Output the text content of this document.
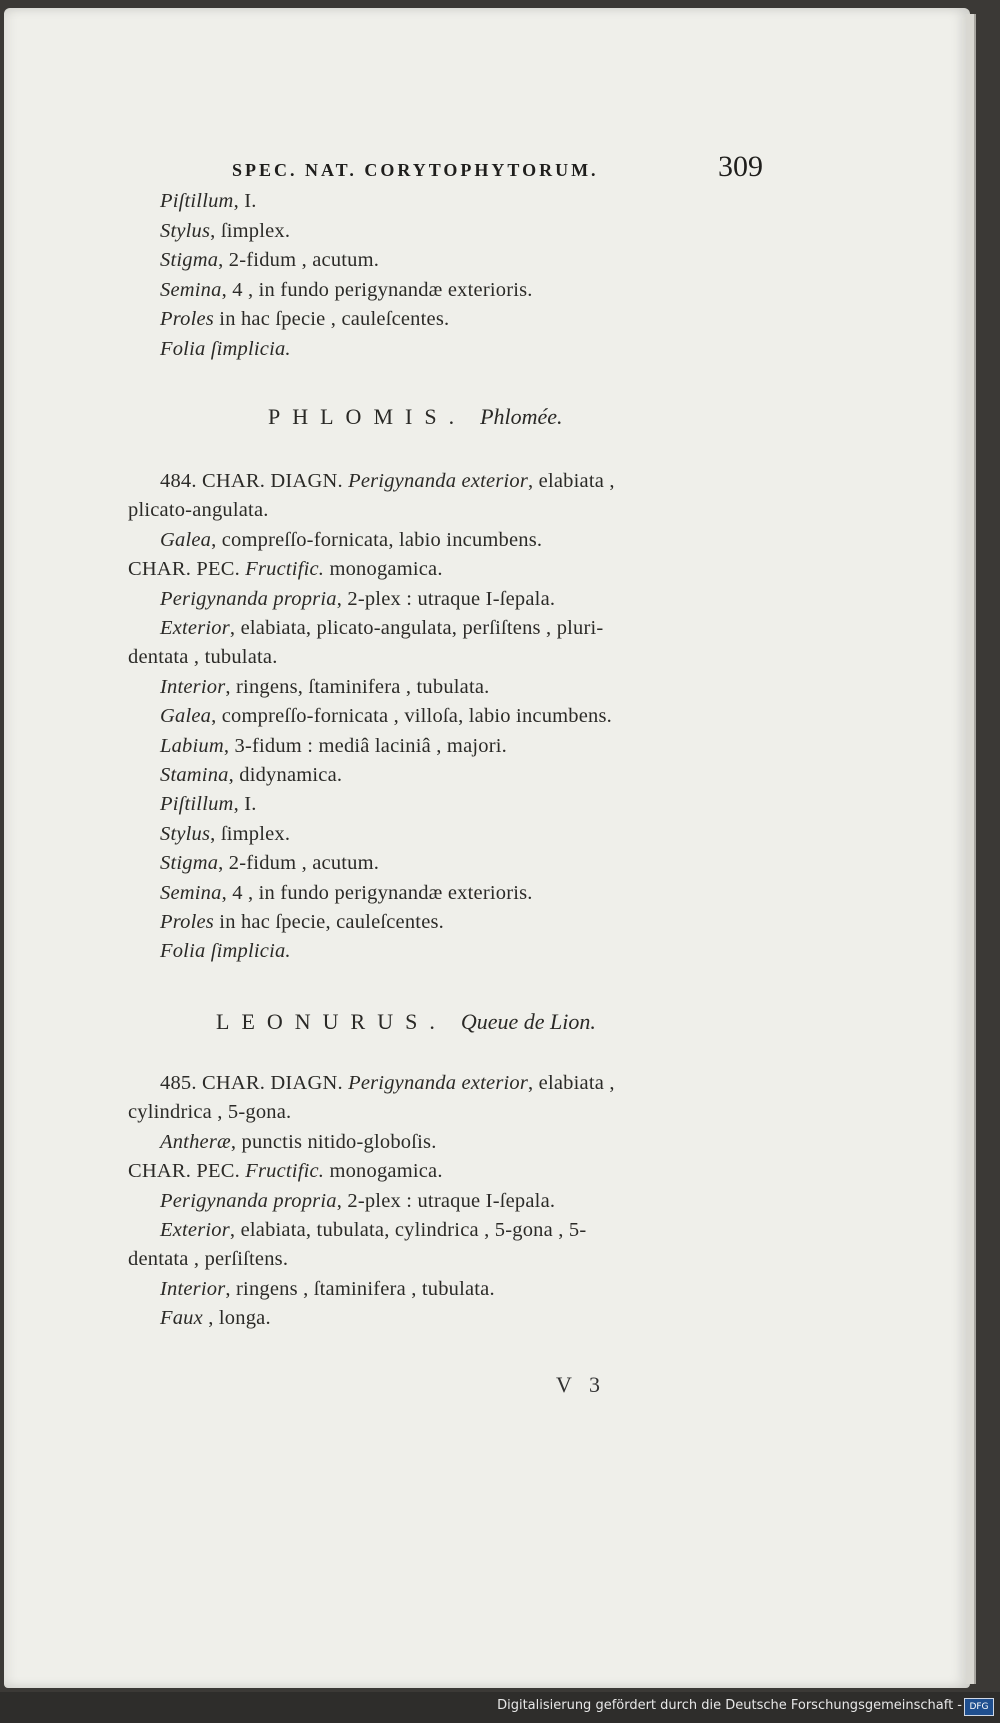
SPEC. NAT. CORYTOPHYTORUM.	309
Piſtillum, I.
Stylus, ſimplex.
Stigma, 2-fidum , acutum.
Semina, 4 , in fundo perigynandæ exterioris.
Proles in hac ſpecie , cauleſcentes.
Folia ſimplicia.
PHLOMIS. Phlomée.
484. CHAR. DIAGN. Perigynanda exterior, elabiata ,
plicato-angulata.
Galea, compreſſo-fornicata, labio incumbens.
CHAR. PEC. Fructific. monogamica.
Perigynanda propria, 2-plex : utraque I-ſepala.
Exterior, elabiata, plicato-angulata, perſiſtens , pluri-
dentata , tubulata.
Interior, ringens, ſtaminifera , tubulata.
Galea, compreſſo-fornicata , villoſa, labio incumbens.
Labium, 3-fidum : mediâ laciniâ , majori.
Stamina, didynamica.
Piſtillum, I.
Stylus, ſimplex.
Stigma, 2-fidum , acutum.
Semina, 4 , in fundo perigynandæ exterioris.
Proles in hac ſpecie, cauleſcentes.
Folia ſimplicia.
LEONURUS. Queue de Lion.
485. CHAR. DIAGN. Perigynanda exterior, elabiata ,
cylindrica , 5-gona.
Antheræ, punctis nitido-globoſis.
CHAR. PEC. Fructific. monogamica.
Perigynanda propria, 2-plex : utraque I-ſepala.
Exterior, elabiata, tubulata, cylindrica , 5-gona , 5-
dentata , perſiſtens.
Interior, ringens , ſtaminifera , tubulata.
Faux , longa.
V 3
Digitalisierung gefördert durch die Deutsche Forschungsgemeinschaft - DFG
